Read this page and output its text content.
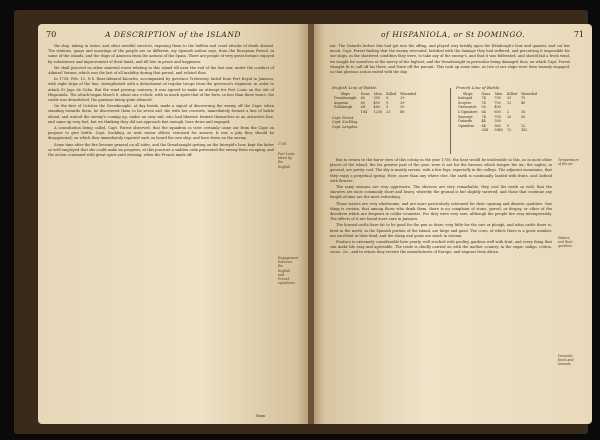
70	A DESCRIPTION of the ISLAND

the ship, taking in water, and other needful services, exposing them to the hidden and cruel attacks of death abroad. The stations, quays and moorings of the people are so different, my Spanish author says, from the European Period, in some of the islands, and the ships of America from the nations of the Spain. There are people of very great fortune enjoyed by subsistence and improvement of their lands, and till late in peace and happiness.

We shall proceed on other material event relating to this island till near the end of the last war, under the conduct of Admiral Vernon, which was the last of all inability during that period, and related thus.

In 1758, Feb. 13, N.S. Rear-Admiral Knowles, accompanied by governor Trelawney, failed from Port Royal in Jamaica, with eight ships of the line, strengthened with a detachment of regular troops from the governor's regiment, in order to attack St Jago de Cuba. But the wind proving contrary, it was agreed to make an attempt for Port Louis on the isle of Hispaniola. The attack began March 8, about one o'clock, with so much spirit that of the forts, in less than three hours, the castle was demolished, the garrison being quite silenced.

On the first of October the Dreadnought, at day break, made a signal of discovering the enemy off the Cape; when standing towards them, he discovered them to be seven sail, the with her consorts, immediately formed a line of battle ahead, and waited the enemy's coming up, under an easy sail, who had likewise formed themselves in an attractive line, and came up very fast, but we thinking they did not approach fast enough, bore down and engaged.

A consultation being called, Capt. Forest observed, that the squadron in view certainly came out from the Cape on purpose to give battle. Capt. Suckling, as next senior officer, returned for answer, It was a pity they should be disappointed; on which they immediately repaired each on board his own ship, and bore down on the enemy.

Some time after the fire became general on all sides, and the Dreadnought getting on the Intrepid's bow, kept the latter so well employed that she could make no progress; at this juncture a sudden calm prevented the enemy from escaping, and the action continued with great spirit until evening, when the French made off.

1758
Port Louis taken by the English.
Engagement between the English and French squadrons.
them
of HISPANIOLA, or St DOMINGO.	71

eat. The Outarde before this had got into the offing, and played very briskly upon the Edinburgh's bow and quarter, and cut her much. Capt. Forest finding that the enemy retreated, fatisfied with the damage they had suffered, and perceiving it impossible for our ships, in the shattered condition they were, to take any of the enemy's, and that it was fuflerated, and should fail a fresh wind, we sought for ourselves at the mercy of the highest; and the Dreadnought in particular being damaged thus, on which Capt. Forest thought fit to call off his three, and leave off the pursuit. This took up some time, as two of our ships were then warmly engaged; so that glorious action ended with the day.

English Line of Battle.
Ships	Guns	Men	Killed	Wounded
Dreadnought	60	350	9	29
Augusta	60	400	9	29
Edinburgh	64	480	5	30
	184	1230	23	88
Capt. Forest.
Capt. Suckling.
Capt. Langdon.
French Line of Battle.
Ships	Guns	Men	Killed	Wounded
Intrepid	74	700	33	70
Sceptre	74	750	12	40
Greenwich	50	400		
L'Opiniâtre	64	600	2	10
Sauvage	74	700	20	50
Outarde	44	300		
Opiniâtre	64	560	5	12
	384	3840	72	182

But to return to the fairer view of this colony in the year 1758, the heat would be intolerable in this, as in most other places of the island, the far greater part of the year, were it not for the breezes which temper the air; the nights, in general, are pretty cool. The sky is mostly serene, with a few fogs, especially in the valleys. The adjacent mountains, that they enjoy a perpetual spring. Here, more than any where else, the earth is continually loaded with fruits, and clothed with flowers.

The rainy seasons are very oppressive. The showers are very remarkable; they cool the earth so well, that the showers are most commonly short and heavy, whereby the ground is but slightly watered; and those that continue any length of time are the most refreshing.

Those waters are very wholesome, and are more particularly esteemed for their opening and diuretic qualities. One thing is certain, that among those who drink them, there is no complaint of stone, gravel, or dropsy, or other of the disorders which are frequent in colder countries. For they were very rare, although the people live very intemperately. The effects of it are found more sure in Jamaica.

The horned cattle have fat to be good for the pen to draw; very little for the cart or plough, and what cattle there is, bred in the north, in the Spanish portion of the island, are large and good. The cows, of which there is a great number, are excellent in their kind; and the sheep and goats are much in esteem.

Produce is extremely considerable here yearly, well stocked with poultry, gardens well with fruit, and every thing that can make life easy and agreeable. The trade is chiefly carried on with the mother country, in the sugar, indigo, cotton, cacao, &c., and in return they receive the manufactures of Europe, and negroes from Africa.

Temperature of the air.
Waters, and their qualities.
Domestic fowls and animals.
